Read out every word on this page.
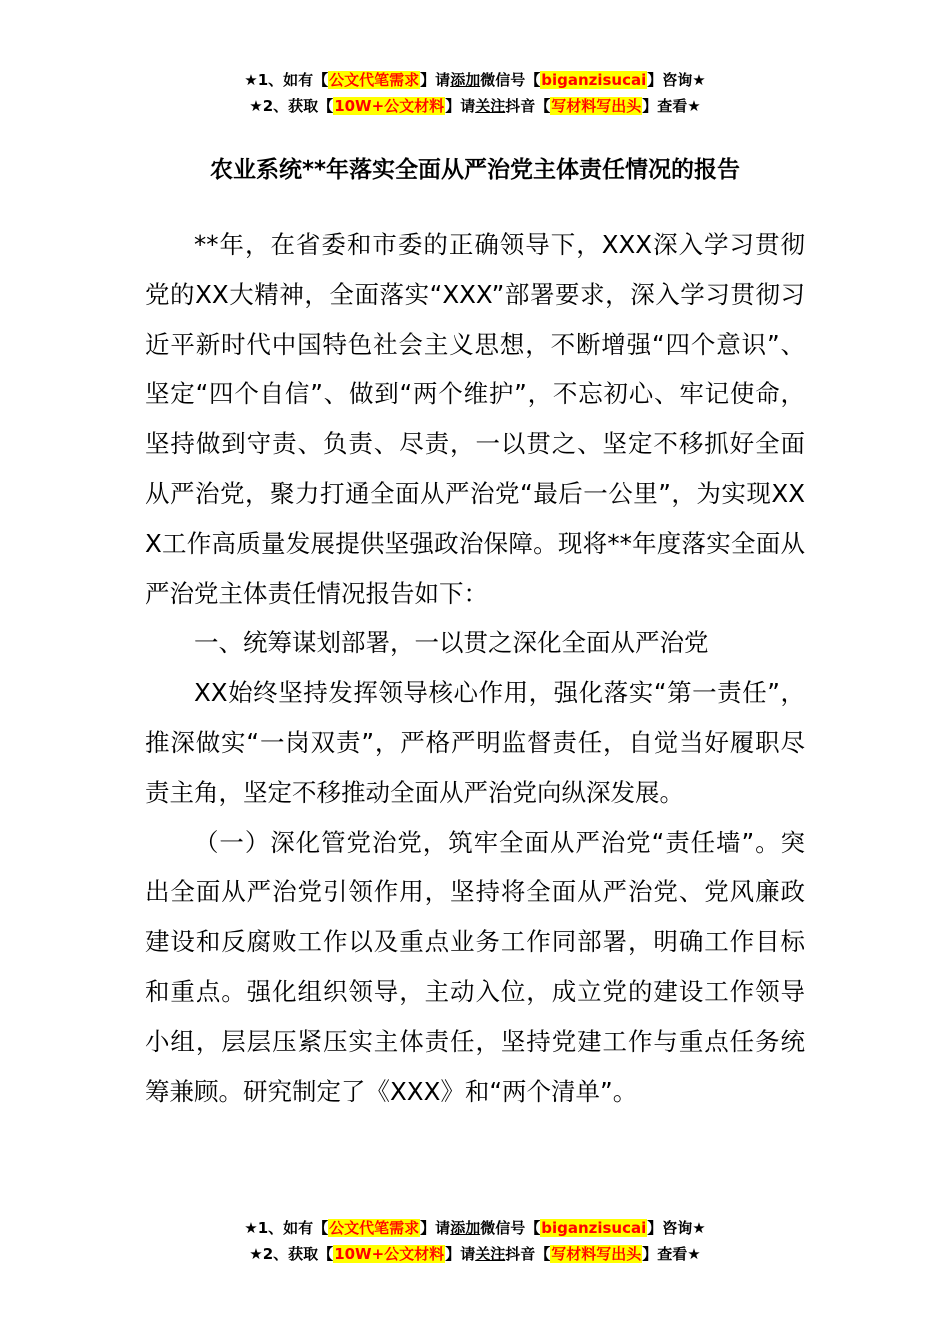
★1、如有【公文代笔需求】请添加微信号【biganzisucai】咨询★
★2、获取【10W+公文材料】请关注抖音【写材料写出头】查看★
农业系统**年落实全面从严治党主体责任情况的报告

**年，在省委和市委的正确领导下，XXX深入学习贯彻党的XX大精神，全面落实“XXX”部署要求，深入学习贯彻习近平新时代中国特色社会主义思想，不断增强“四个意识”、坚定“四个自信”、做到“两个维护”，不忘初心、牢记使命，坚持做到守责、负责、尽责，一以贯之、坚定不移抓好全面从严治党，聚力打通全面从严治党“最后一公里”，为实现XXX工作高质量发展提供坚强政治保障。现将**年度落实全面从严治党主体责任情况报告如下：

一、统筹谋划部署，一以贯之深化全面从严治党

XX始终坚持发挥领导核心作用，强化落实“第一责任”，推深做实“一岗双责”，严格严明监督责任，自觉当好履职尽责主角，坚定不移推动全面从严治党向纵深发展。

（一）深化管党治党，筑牢全面从严治党“责任墙”。突出全面从严治党引领作用，坚持将全面从严治党、党风廉政建设和反腐败工作以及重点业务工作同部署，明确工作目标和重点。强化组织领导，主动入位，成立党的建设工作领导小组，层层压紧压实主体责任，坚持党建工作与重点任务统筹兼顾。研究制定了《XXX》和“两个清单”。

★1、如有【公文代笔需求】请添加微信号【biganzisucai】咨询★
★2、获取【10W+公文材料】请关注抖音【写材料写出头】查看★
